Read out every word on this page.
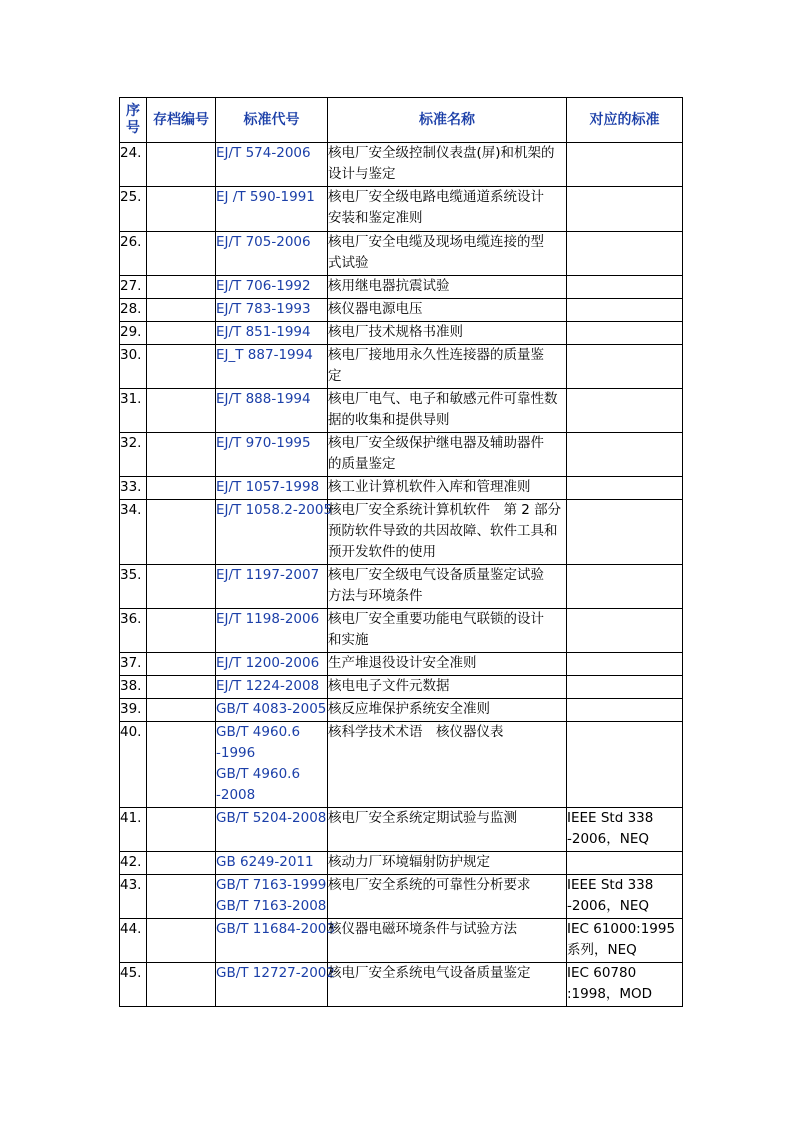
序号	存档编号	标准代号	标准名称	对应的标准
24.		EJ/T 574-2006	核电厂安全级控制仪表盘(屏)和机架的
设计与鉴定	

25.		EJ /T 590-1991	核电厂安全级电路电缆通道系统设计
安装和鉴定准则	

26.		EJ/T 705-2006	核电厂安全电缆及现场电缆连接的型
式试验	

27.		EJ/T 706-1992	核用继电器抗震试验	

28.		EJ/T 783-1993	核仪器电源电压	

29.		EJ/T 851-1994	核电厂技术规格书准则	

30.		EJ_T 887-1994	核电厂接地用永久性连接器的质量鉴
定	

31.		EJ/T 888-1994	核电厂电气、电子和敏感元件可靠性数
据的收集和提供导则	

32.		EJ/T 970-1995	核电厂安全级保护继电器及辅助器件
的质量鉴定	

33.		EJ/T 1057-1998	核工业计算机软件入库和管理准则	

34.		EJ/T 1058.2-2005	核电厂安全系统计算机软件　第 2 部分
预防软件导致的共因故障、软件工具和
预开发软件的使用	

35.		EJ/T 1197-2007	核电厂安全级电气设备质量鉴定试验
方法与环境条件	

36.		EJ/T 1198-2006	核电厂安全重要功能电气联锁的设计
和实施	

37.		EJ/T 1200-2006	生产堆退役设计安全准则	

38.		EJ/T 1224-2008	核电电子文件元数据	

39.		GB/T 4083-2005	核反应堆保护系统安全准则	

40.		GB/T 4960.6
-1996
GB/T 4960.6
-2008	核科学技术术语　核仪器仪表	

41.		GB/T 5204-2008	核电厂安全系统定期试验与监测	IEEE Std 338
-2006，NEQ

42.		GB 6249-2011	核动力厂环境辐射防护规定	

43.		GB/T 7163-1999
GB/T 7163-2008	核电厂安全系统的可靠性分析要求	IEEE Std 338
-2006，NEQ

44.		GB/T 11684-2003	核仪器电磁环境条件与试验方法	IEC 61000:1995
系列，NEQ

45.		GB/T 12727-2002	核电厂安全系统电气设备质量鉴定	IEC 60780
:1998，MOD
